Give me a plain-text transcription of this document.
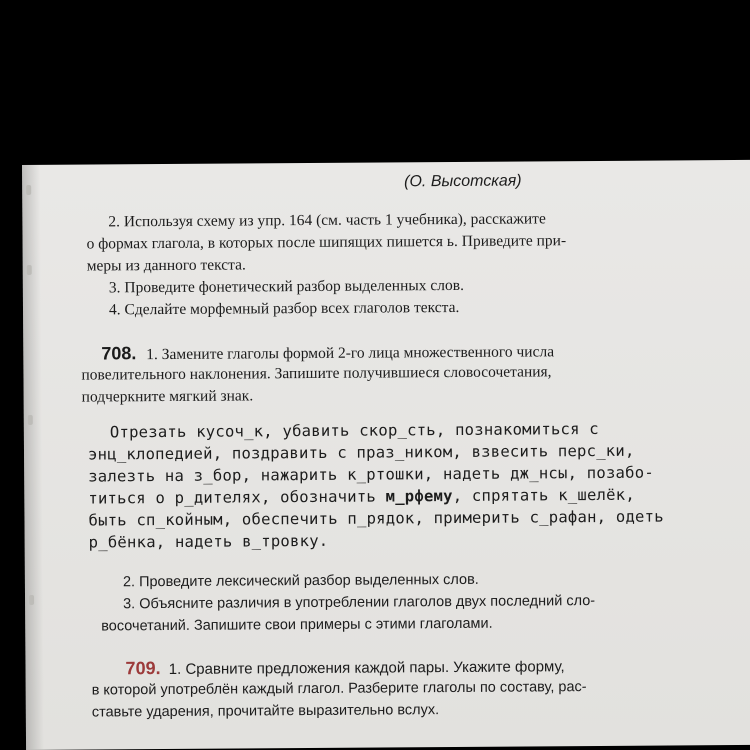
(О. Высотская)
2. Используя схему из упр. 164 (см. часть 1 учебника), расскажите
о формах глагола, в которых после шипящих пишется ь. Приведите при-
меры из данного текста.
3. Проведите фонетический разбор выделенных слов.
4. Сделайте морфемный разбор всех глаголов текста.
708. 1. Замените глаголы формой 2-го лица множественного числа
повелительного наклонения. Запишите получившиеся словосочетания,
подчеркните мягкий знак.
Отрезать кусоч_к, убавить скор_сть, познакомиться с
энц_клопедией, поздравить с праз_ником, взвесить перс_ки,
залезть на з_бор, нажарить к_ртошки, надеть дж_нсы, позабо-
титься о р_дителях, обозначить м_рфему, спрятать к_шелёк,
быть сп_койным, обеспечить п_рядок, примерить с_рафан, одеть
р_бёнка, надеть в_тровку.
2. Проведите лексический разбор выделенных слов.
3. Объясните различия в употреблении глаголов двух последний сло-
восочетаний. Запишите свои примеры с этими глаголами.
709. 1. Сравните предложения каждой пары. Укажите форму,
в которой употреблён каждый глагол. Разберите глаголы по составу, рас-
ставьте ударения, прочитайте выразительно вслух.
